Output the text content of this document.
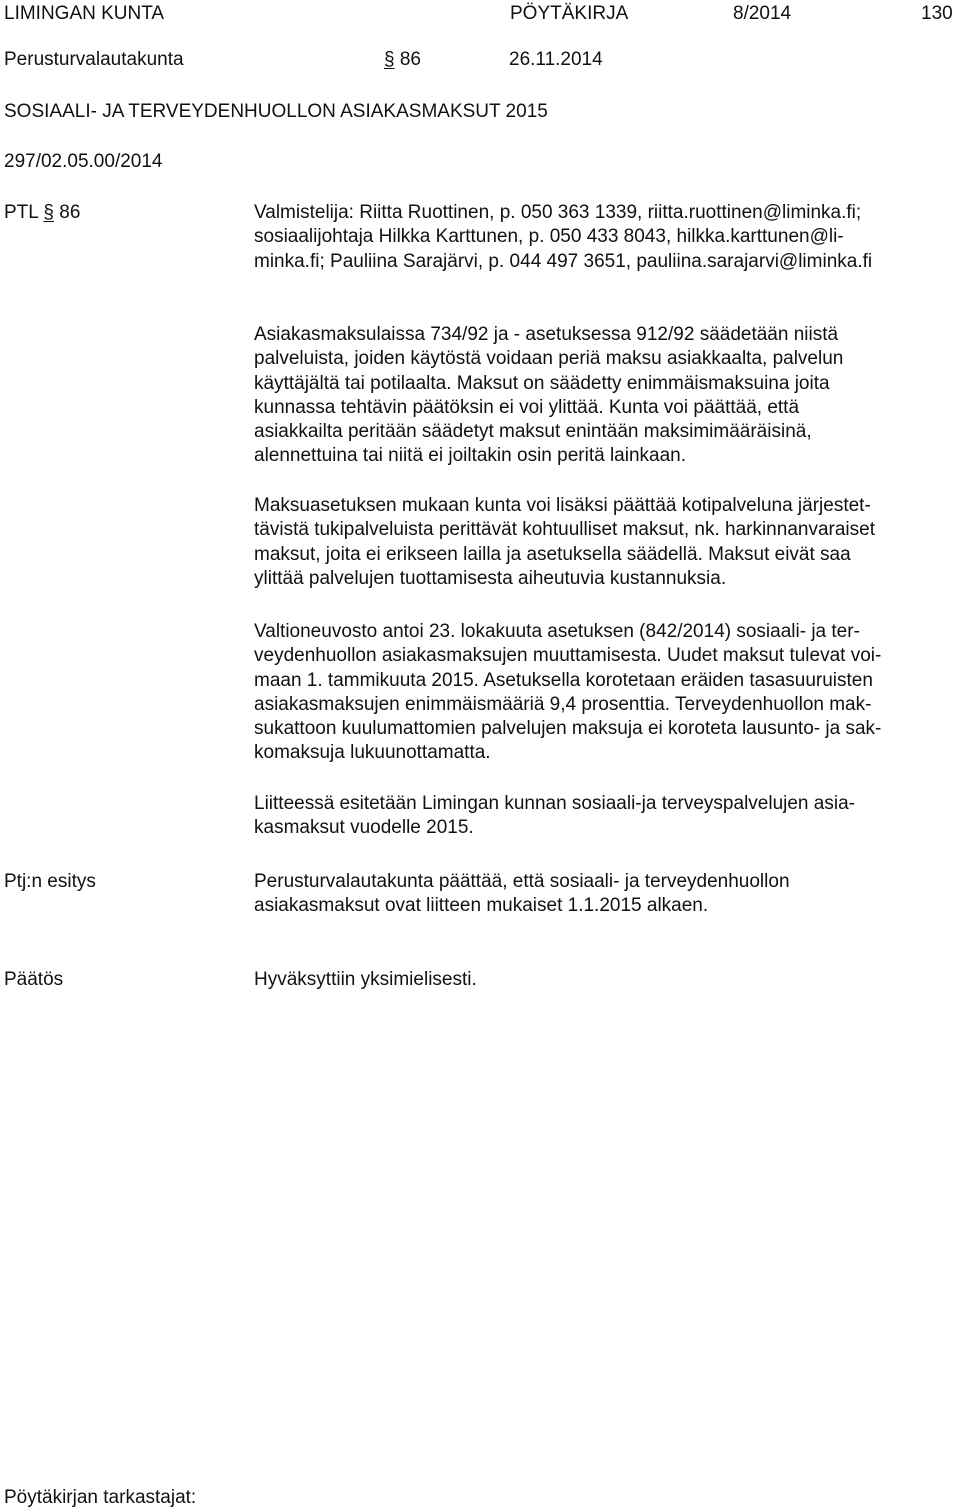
LIMINGAN KUNTA	PÖYTÄKIRJA	8/2014	130
Perusturvalautakunta	§ 86	26.11.2014
SOSIAALI- JA TERVEYDENHUOLLON ASIAKASMAKSUT 2015
297/02.05.00/2014
PTL § 86	Valmistelija: Riitta Ruottinen, p. 050 363 1339, riitta.ruottinen@liminka.fi;

sosiaalijohtaja Hilkka Karttunen, p. 050 433 8043, hilkka.karttunen@li-

minka.fi; Pauliina Sarajärvi, p. 044 497 3651, pauliina.sarajarvi@liminka.fi

Asiakasmaksulaissa 734/92 ja - asetuksessa 912/92 säädetään niistä

palveluista, joiden käytöstä voidaan periä maksu asiakkaalta, palvelun

käyttäjältä tai potilaalta. Maksut on säädetty enimmäismaksuina joita

kunnassa tehtävin päätöksin ei voi ylittää. Kunta voi päättää, että

asiakkailta peritään säädetyt maksut enintään maksimimääräisinä,

alennettuina tai niitä ei joiltakin osin peritä lainkaan.

Maksuasetuksen mukaan kunta voi lisäksi päättää kotipalveluna järjestet-

tävistä tukipalveluista perittävät kohtuulliset maksut, nk. harkinnanvaraiset

maksut, joita ei erikseen lailla ja asetuksella säädellä. Maksut eivät saa

ylittää palvelujen tuottamisesta aiheutuvia kustannuksia.

Valtioneuvosto antoi 23. lokakuuta asetuksen (842/2014) sosiaali- ja ter-

veydenhuollon asiakasmaksujen muuttamisesta. Uudet maksut tulevat voi-

maan 1. tammikuuta 2015. Asetuksella korotetaan eräiden tasasuuruisten

asiakasmaksujen enimmäismääriä 9,4 prosenttia. Terveydenhuollon mak-

sukattoon kuulumattomien palvelujen maksuja ei koroteta lausunto- ja sak-

komaksuja lukuunottamatta.

Liitteessä esitetään Limingan kunnan sosiaali-ja terveyspalvelujen asia-

kasmaksut vuodelle 2015.

Ptj:n esitys	Perusturvalautakunta päättää, että sosiaali- ja terveydenhuollon

asiakasmaksut ovat liitteen mukaiset 1.1.2015 alkaen.

Päätös	Hyväksyttiin yksimielisesti.

Pöytäkirjan tarkastajat:
